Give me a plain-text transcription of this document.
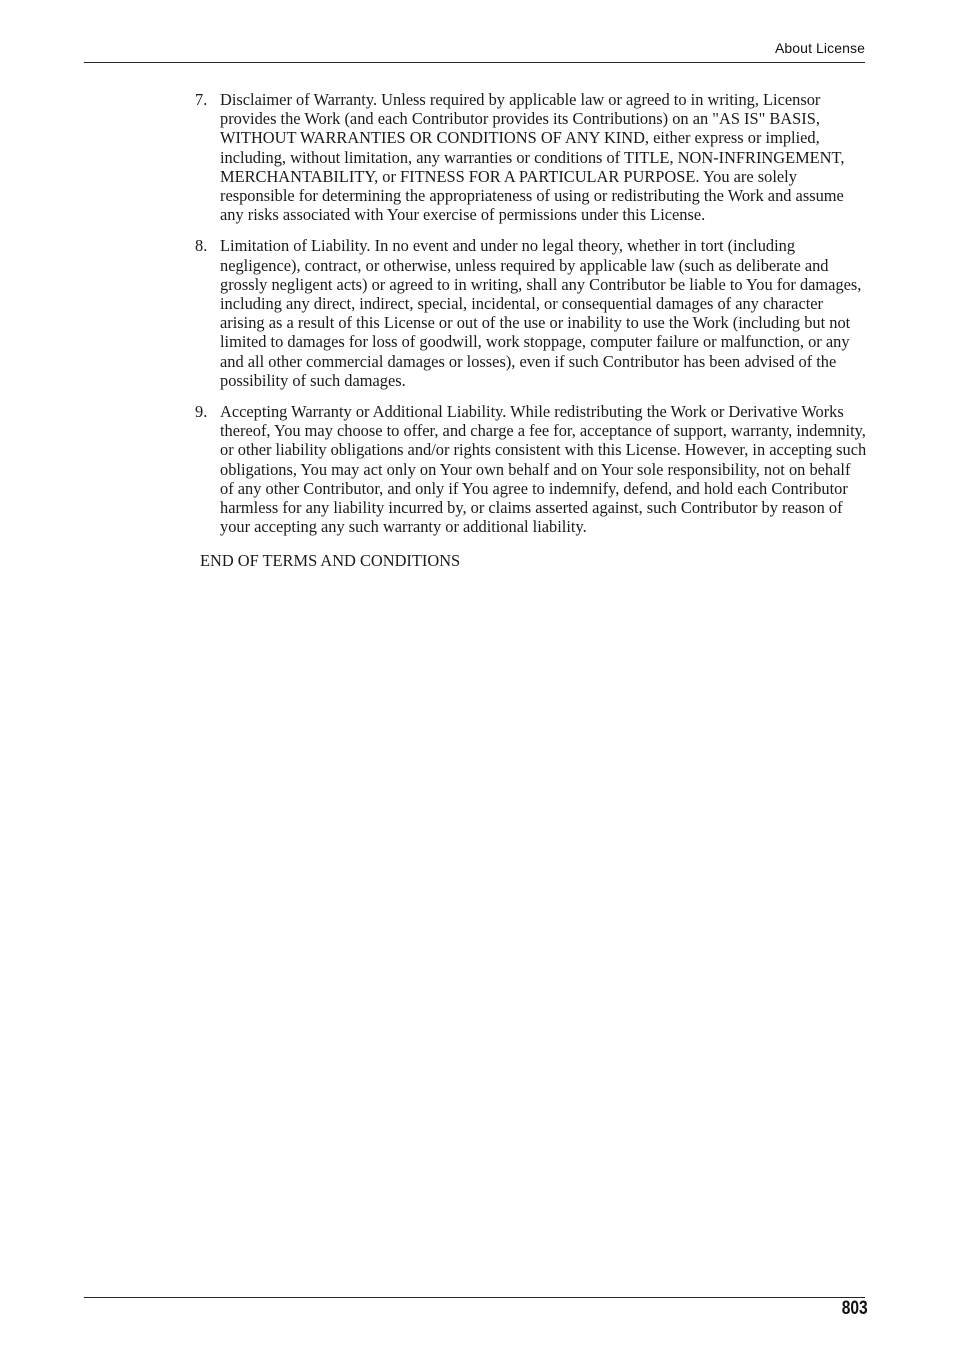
About License
7. Disclaimer of Warranty. Unless required by applicable law or agreed to in writing, Licensor provides the Work (and each Contributor provides its Contributions) on an "AS IS" BASIS, WITHOUT WARRANTIES OR CONDITIONS OF ANY KIND, either express or implied, including, without limitation, any warranties or conditions of TITLE, NON-INFRINGEMENT, MERCHANTABILITY, or FITNESS FOR A PARTICULAR PURPOSE. You are solely responsible for determining the appropriateness of using or redistributing the Work and assume any risks associated with Your exercise of permissions under this License.
8. Limitation of Liability. In no event and under no legal theory, whether in tort (including negligence), contract, or otherwise, unless required by applicable law (such as deliberate and grossly negligent acts) or agreed to in writing, shall any Contributor be liable to You for damages, including any direct, indirect, special, incidental, or consequential damages of any character arising as a result of this License or out of the use or inability to use the Work (including but not limited to damages for loss of goodwill, work stoppage, computer failure or malfunction, or any and all other commercial damages or losses), even if such Contributor has been advised of the possibility of such damages.
9. Accepting Warranty or Additional Liability. While redistributing the Work or Derivative Works thereof, You may choose to offer, and charge a fee for, acceptance of support, warranty, indemnity, or other liability obligations and/or rights consistent with this License. However, in accepting such obligations, You may act only on Your own behalf and on Your sole responsibility, not on behalf of any other Contributor, and only if You agree to indemnify, defend, and hold each Contributor harmless for any liability incurred by, or claims asserted against, such Contributor by reason of your accepting any such warranty or additional liability.
END OF TERMS AND CONDITIONS
803
